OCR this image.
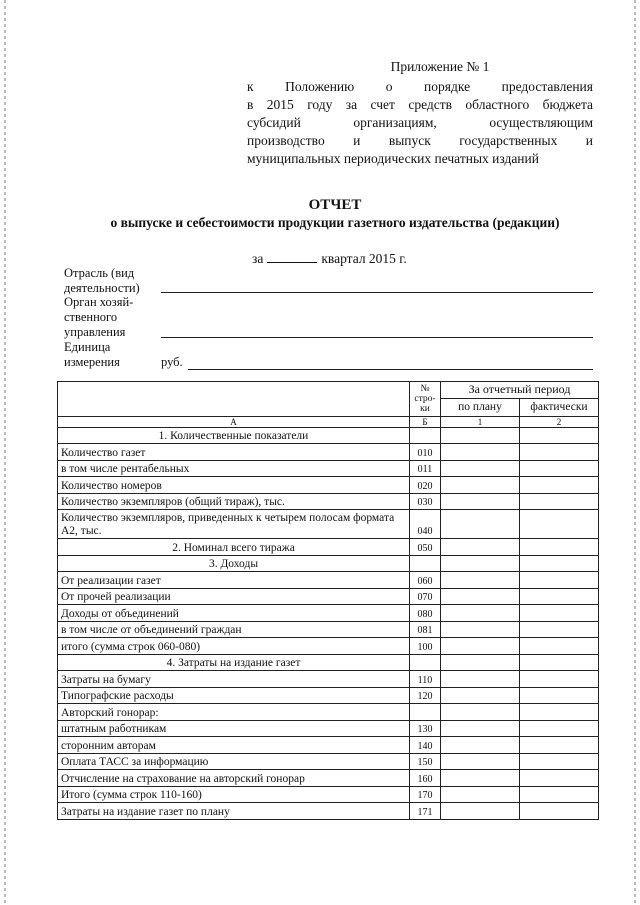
Приложение № 1
к Положению о порядке предоставления
в 2015 году за счет средств областного бюджета
субсидий организациям, осуществляющим
производство и выпуск государственных и
муниципальных периодических печатных изданий
ОТЧЕТ
о выпуске и себестоимости продукции газетного издательства (редакции)
за	квартал 2015 г.
Отрасль (вид
деятельности)
Орган хозяй-
ственного
управления
Единица
измерения	руб.
	№ стро-ки	За отчетный период	
		по плану	фактически
А	Б	1	2
1. Количественные показатели			
Количество газет	010		
в том числе рентабельных	011		
Количество номеров	020		
Количество экземпляров (общий тираж), тыс.	030		
Количество экземпляров, приведенных к четырем полосам формата А2, тыс.	040		
2. Номинал всего тиража	050		
3. Доходы			
От реализации газет	060		
От прочей реализации	070		
Доходы от объединений	080		
в том числе от объединений граждан	081		
итого (сумма строк 060-080)	100		
4. Затраты на издание газет			
Затраты на бумагу	110		
Типографские расходы	120		
Авторский гонорар:			
штатным работникам	130		
сторонним авторам	140		
Оплата ТАСС за информацию	150		
Отчисление на страхование на авторский гонорар	160		
Итого (сумма строк 110-160)	170		
Затраты на издание газет по плану	171		
